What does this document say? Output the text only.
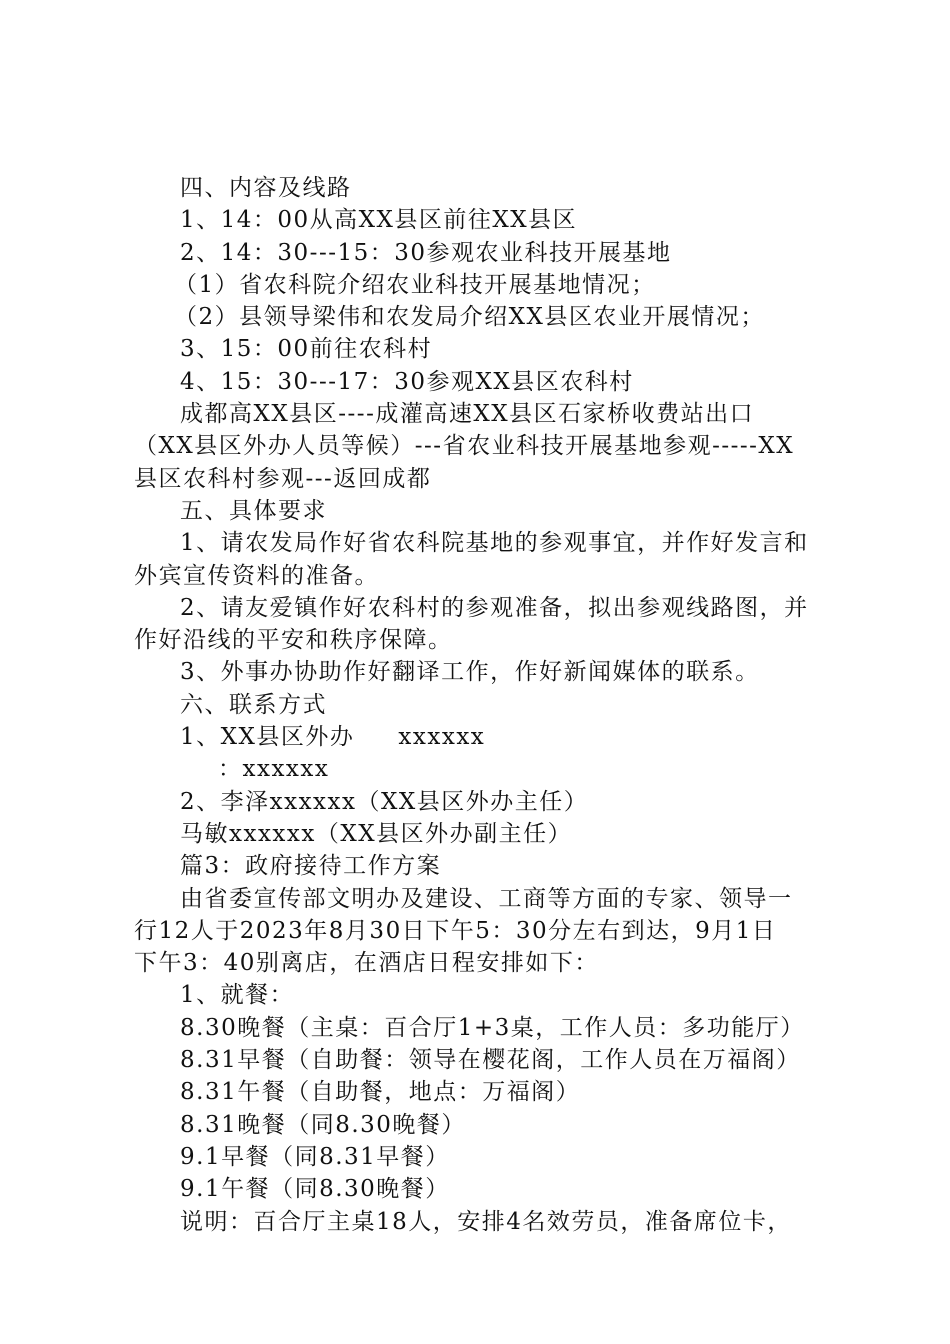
四、内容及线路
1、14：00从高XX县区前往XX县区
2、14：30---15：30参观农业科技开展基地
（1）省农科院介绍农业科技开展基地情况；
（2）县领导梁伟和农发局介绍XX县区农业开展情况；
3、15：00前往农科村
4、15：30---17：30参观XX县区农科村
成都高XX县区----成灌高速XX县区石家桥收费站出口
（XX县区外办人员等候）---省农业科技开展基地参观-----XX
县区农科村参观---返回成都
五、具体要求
1、请农发局作好省农科院基地的参观事宜，并作好发言和
外宾宣传资料的准备。
2、请友爱镇作好农科村的参观准备，拟出参观线路图，并
作好沿线的平安和秩序保障。
3、外事办协助作好翻译工作，作好新闻媒体的联系。
六、联系方式
1、XX县区外办     xxxxxx
：xxxxxx
2、李泽xxxxxx（XX县区外办主任）
马敏xxxxxx（XX县区外办副主任）
篇3：政府接待工作方案
由省委宣传部文明办及建设、工商等方面的专家、领导一
行12人于2023年8月30日下午5：30分左右到达，9月1日
下午3：40别离店，在酒店日程安排如下：
1、就餐：
8.30晚餐（主桌：百合厅1+3桌，工作人员：多功能厅）
8.31早餐（自助餐：领导在樱花阁，工作人员在万福阁）
8.31午餐（自助餐，地点：万福阁）
8.31晚餐（同8.30晚餐）
9.1早餐（同8.31早餐）
9.1午餐（同8.30晚餐）
说明：百合厅主桌18人，安排4名效劳员，准备席位卡，
